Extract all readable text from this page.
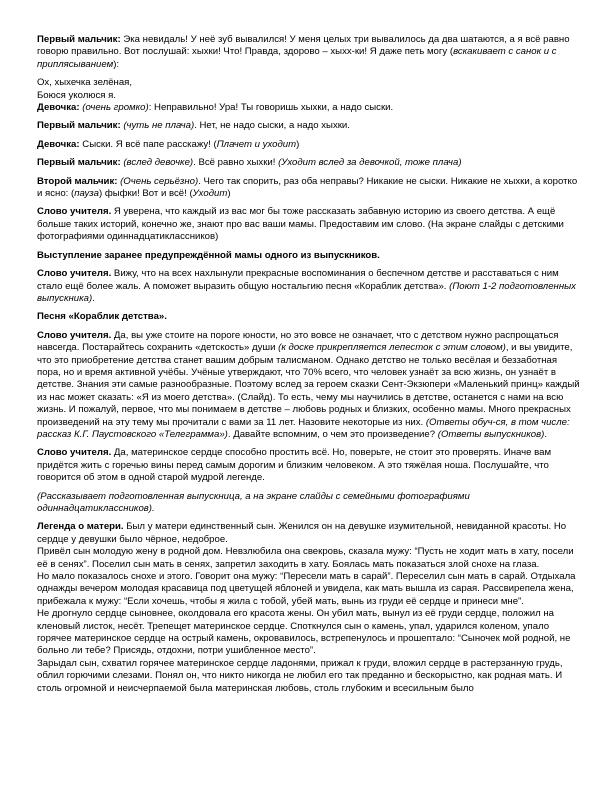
Первый мальчик: Эка невидаль! У неё зуб вывалился! У меня целых три вывалилось да два шатаются, а я всё равно говорю правильно. Вот послушай: хыхки! Что! Правда, здорово – хыхх-ки! Я даже петь могу (вскакивает с санок и с приплясыванием):

Ох, хыхечка зелёная,

Боюся уколюся я.

Девочка: (очень громко): Неправильно! Ура! Ты говоришь хыхки, а надо сыски.

Первый мальчик: (чуть не плача). Нет, не надо сыски, а надо хыхки.

Девочка: Сыски. Я всё папе расскажу! (Плачет и уходит)

Первый мальчик: (вслед девочке). Всё равно хыхки! (Уходит вслед за девочкой, тоже плача)

Второй мальчик: (Очень серьёзно). Чего так спорить, раз оба неправы? Никакие не сыски. Никакие не хыхки, а коротко и ясно: (пауза) фыфки! Вот и всё! (Уходит)

Слово учителя. Я уверена, что каждый из вас мог бы тоже рассказать забавную историю из своего детства. А ещё больше таких историй, конечно же, знают про вас ваши мамы. Предоставим им слово. (На экране слайды с детскими фотографиями одиннадцатиклассников)

Выступление заранее предупреждённой мамы одного из выпускников.

Слово учителя. Вижу, что на всех нахлынули прекрасные воспоминания о беспечном детстве и расставаться с ним стало ещё более жаль. А поможет выразить общую ностальгию песня «Кораблик детства». (Поют 1-2 подготовленных выпускника).

Песня «Кораблик детства».

Слово учителя. Да, вы уже стоите на пороге юности, но это вовсе не означает, что с детством нужно распрощаться навсегда. Постарайтесь сохранить «детскость» души (к доске прикрепляется лепесток с этим словом), и вы увидите, что это приобретение детства станет вашим добрым талисманом. Однако детство не только весёлая и беззаботная пора, но и время активной учёбы. Учёные утверждают, что 70% всего, что человек узнаёт за всю жизнь, он узнаёт в детстве. Знания эти самые разнообразные. Поэтому вслед за героем сказки Сент-Экзюпери «Маленький принц» каждый из нас может сказать: «Я из моего детства». (Слайд). То есть, чему мы научились в детстве, останется с нами на всю жизнь. И пожалуй, первое, что мы понимаем в детстве – любовь родных и близких, особенно мамы. Много прекрасных произведений на эту тему мы прочитали с вами за 11 лет. Назовите некоторые из них. (Ответы обуч-ся, в том числе: рассказ К.Г. Паустовского «Телеграмма»). Давайте вспомним, о чем это произведение? (Ответы выпускников).

Слово учителя. Да, материнское сердце способно простить всё. Но, поверьте, не стоит это проверять. Иначе вам придётся жить с горечью вины перед самым дорогим и близким человеком. А это тяжёлая ноша. Послушайте, что говорится об этом в одной старой мудрой легенде.

(Рассказывает подготовленная выпускница, а на экране слайды с семейными фотографиями одиннадцатиклассников).

Легенда о матери. Был у матери единственный сын. Женился он на девушке изумительной, невиданной красоты. Но сердце у девушки было чёрное, недоброе.

Привёл сын молодую жену в родной дом. Невзлюбила она свекровь, сказала мужу: “Пусть не ходит мать в хату, посели её в сенях”. Поселил сын мать в сенях, запретил заходить в хату. Боялась мать показаться злой снохе на глаза.

Но мало показалось снохе и этого. Говорит она мужу: “Пересели мать в сарай”. Переселил сын мать в сарай. Отдыхала однажды вечером молодая красавица под цветущей яблоней и увидела, как мать вышла из сарая. Рассвирепела жена, прибежала к мужу: “Если хочешь, чтобы я жила с тобой, убей мать, вынь из груди её сердце и принеси мне”.

Не дрогнуло сердце сыновнее, околдовала его красота жены. Он убил мать, вынул из её груди сердце, положил на кленовый листок, несёт. Трепещет материнское сердце. Споткнулся сын о камень, упал, ударился коленом, упало горячее материнское сердце на острый камень, окровавилось, встрепенулось и прошептало: “Сыночек мой родной, не больно ли тебе? Присядь, отдохни, потри ушибленное место”.

Зарыдал сын, схватил горячее материнское сердце ладонями, прижал к груди, вложил сердце в растерзанную грудь, облил горючими слезами. Понял он, что никто никогда не любил его так преданно и бескорыстно, как родная мать. И столь огромной и неисчерпаемой была материнская любовь, столь глубоким и всесильным было
